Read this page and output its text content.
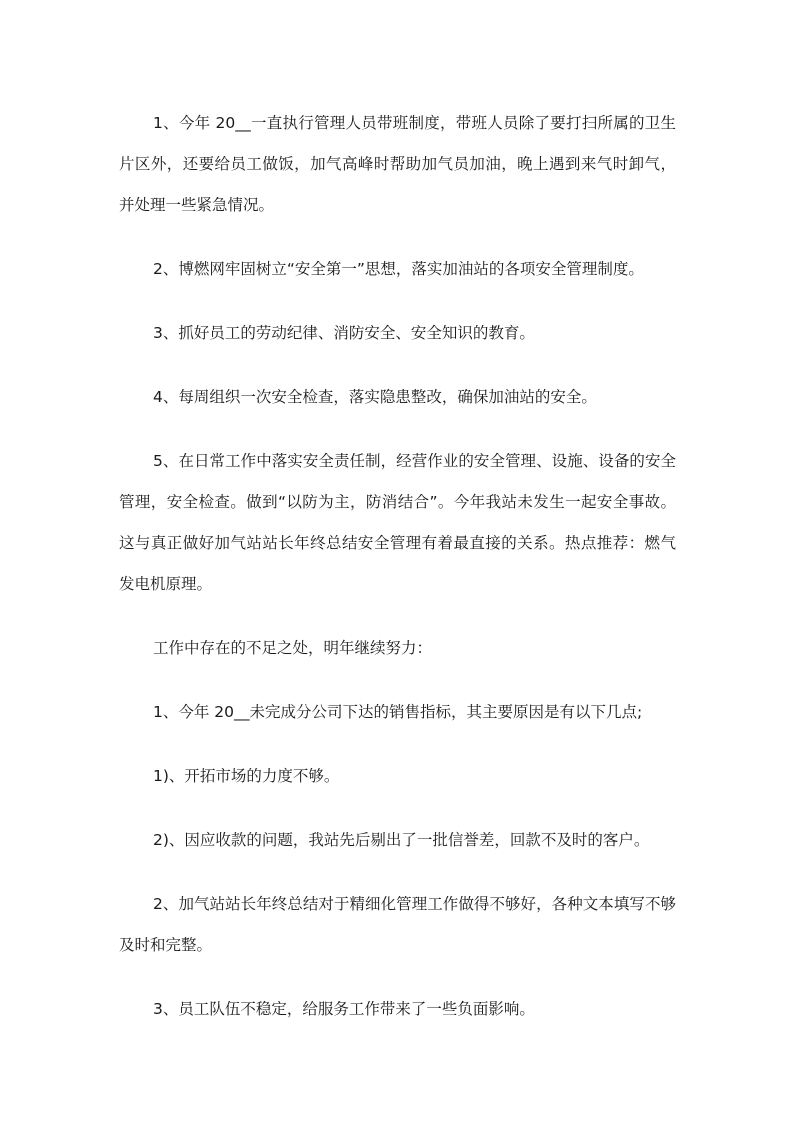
1、今年 20__一直执行管理人员带班制度，带班人员除了要打扫所属的卫生片区外，还要给员工做饭，加气高峰时帮助加气员加油，晚上遇到来气时卸气，并处理一些紧急情况。

2、博燃网牢固树立“安全第一”思想，落实加油站的各项安全管理制度。

3、抓好员工的劳动纪律、消防安全、安全知识的教育。

4、每周组织一次安全检查，落实隐患整改，确保加油站的安全。

5、在日常工作中落实安全责任制，经营作业的安全管理、设施、设备的安全管理，安全检查。做到“以防为主，防消结合”。今年我站未发生一起安全事故。这与真正做好加气站站长年终总结安全管理有着最直接的关系。热点推荐：燃气发电机原理。

工作中存在的不足之处，明年继续努力：

1、今年 20__未完成分公司下达的销售指标，其主要原因是有以下几点;

1)、开拓市场的力度不够。

2)、因应收款的问题，我站先后剔出了一批信誉差，回款不及时的客户。

2、加气站站长年终总结对于精细化管理工作做得不够好，各种文本填写不够及时和完整。

3、员工队伍不稳定，给服务工作带来了一些负面影响。
